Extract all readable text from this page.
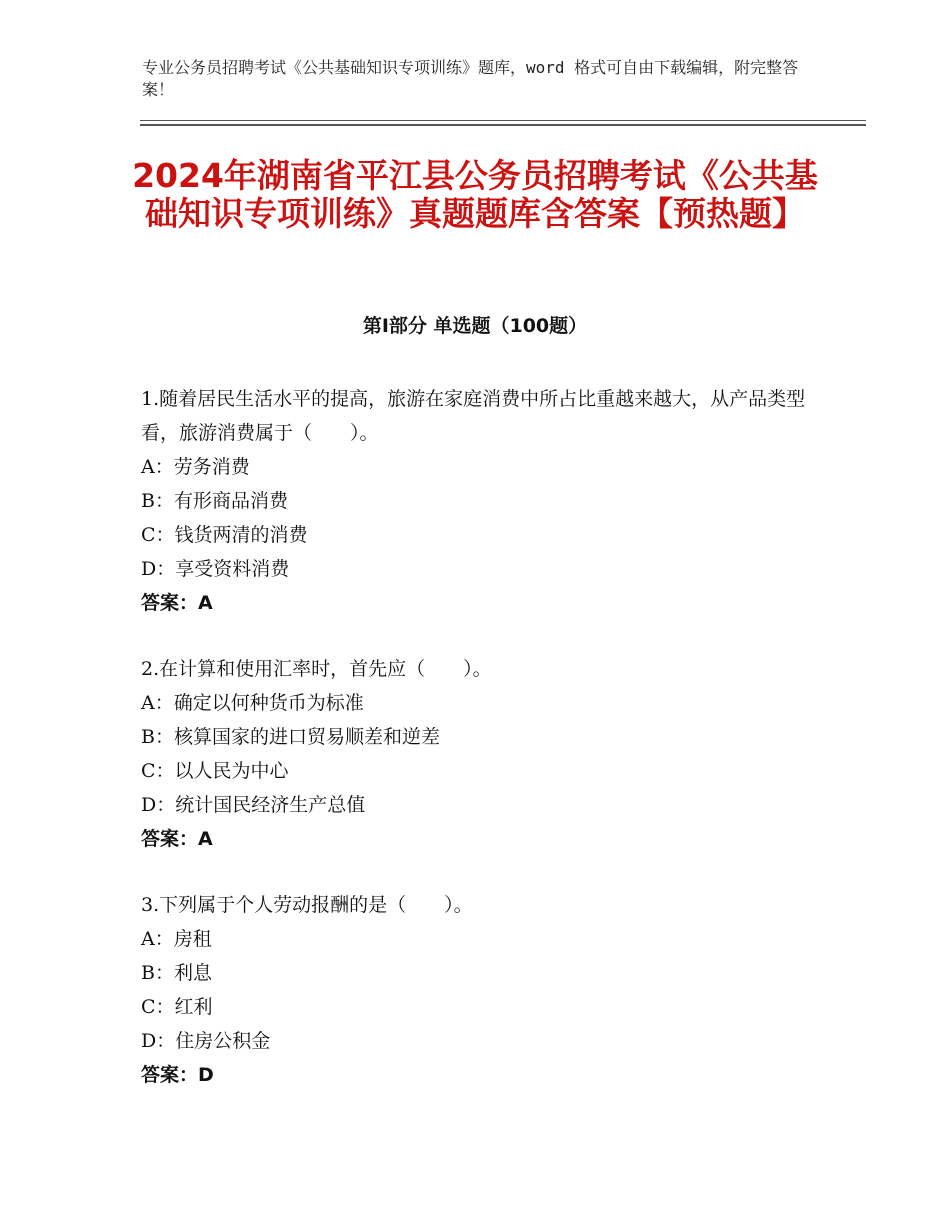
专业公务员招聘考试《公共基础知识专项训练》题库，word 格式可自由下载编辑，附完整答案！
2024年湖南省平江县公务员招聘考试《公共基础知识专项训练》真题题库含答案【预热题】
第Ⅰ部分 单选题（100题）
1.随着居民生活水平的提高，旅游在家庭消费中所占比重越来越大，从产品类型看，旅游消费属于（　　）。
A：劳务消费
B：有形商品消费
C：钱货两清的消费
D：享受资料消费
答案：A
2.在计算和使用汇率时，首先应（　　）。
A：确定以何种货币为标准
B：核算国家的进口贸易顺差和逆差
C：以人民为中心
D：统计国民经济生产总值
答案：A
3.下列属于个人劳动报酬的是（　　）。
A：房租
B：利息
C：红利
D：住房公积金
答案：D
